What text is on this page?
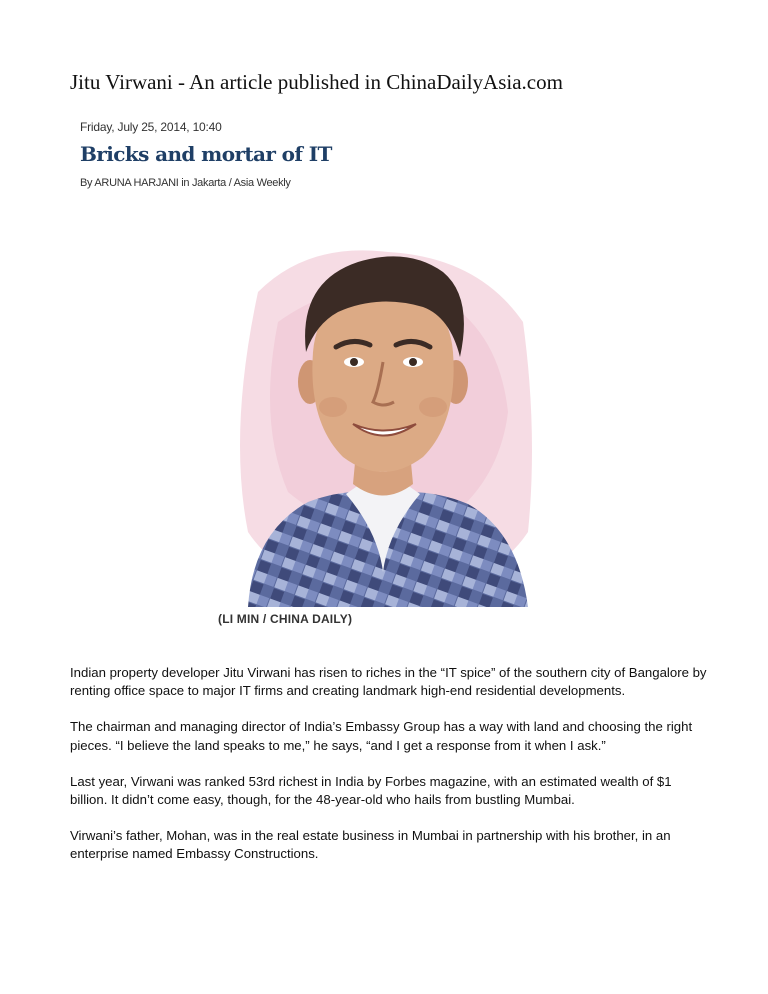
Jitu Virwani - An article published in ChinaDailyAsia.com
Friday, July 25, 2014, 10:40
Bricks and mortar of IT
By ARUNA HARJANI in Jakarta / Asia Weekly
(LI MIN / CHINA DAILY)

Indian property developer Jitu Virwani has risen to riches in the “IT spice” of the southern city of Bangalore by renting office space to major IT firms and creating landmark high-end residential developments.

The chairman and managing director of India’s Embassy Group has a way with land and choosing the right pieces. “I believe the land speaks to me,” he says, “and I get a response from it when I ask.”

Last year, Virwani was ranked 53rd richest in India by Forbes magazine, with an estimated wealth of $1 billion. It didn’t come easy, though, for the 48-year-old who hails from bustling Mumbai.

Virwani’s father, Mohan, was in the real estate business in Mumbai in partnership with his brother, in an enterprise named Embassy Constructions.
